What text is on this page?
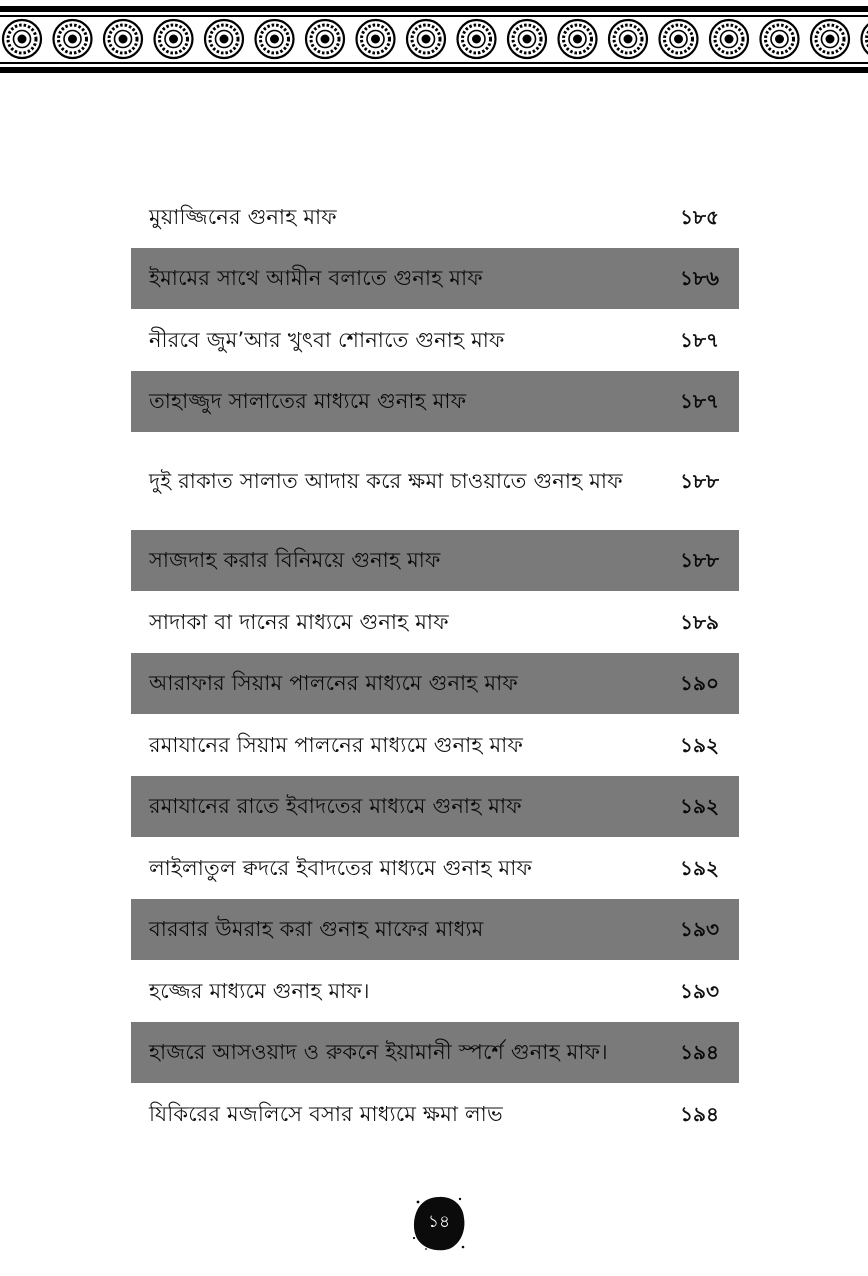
মুয়াজ্জিনের গুনাহ মাফ	১৮৫
ইমামের সাথে আমীন বলাতে গুনাহ মাফ	১৮৬
নীরবে জুম’আর খুৎবা শোনাতে গুনাহ মাফ	১৮৭
তাহাজ্জুদ সালাতের মাধ্যমে গুনাহ মাফ	১৮৭
দুই রাকাত সালাত আদায় করে ক্ষমা চাওয়াতে গুনাহ মাফ	১৮৮
সাজদাহ করার বিনিময়ে গুনাহ মাফ	১৮৮
সাদাকা বা দানের মাধ্যমে গুনাহ মাফ	১৮৯
আরাফার সিয়াম পালনের মাধ্যমে গুনাহ মাফ	১৯০
রমাযানের সিয়াম পালনের মাধ্যমে গুনাহ মাফ	১৯২
রমাযানের রাতে ইবাদতের মাধ্যমে গুনাহ মাফ	১৯২
লাইলাতুল ক্বদরে ইবাদতের মাধ্যমে গুনাহ মাফ	১৯২
বারবার উমরাহ করা গুনাহ মাফের মাধ্যম	১৯৩
হজ্জের মাধ্যমে গুনাহ মাফ।	১৯৩
হাজরে আসওয়াদ ও রুকনে ইয়ামানী স্পর্শে গুনাহ মাফ।	১৯৪
যিকিরের মজলিসে বসার মাধ্যমে ক্ষমা লাভ	১৯৪
১৪
